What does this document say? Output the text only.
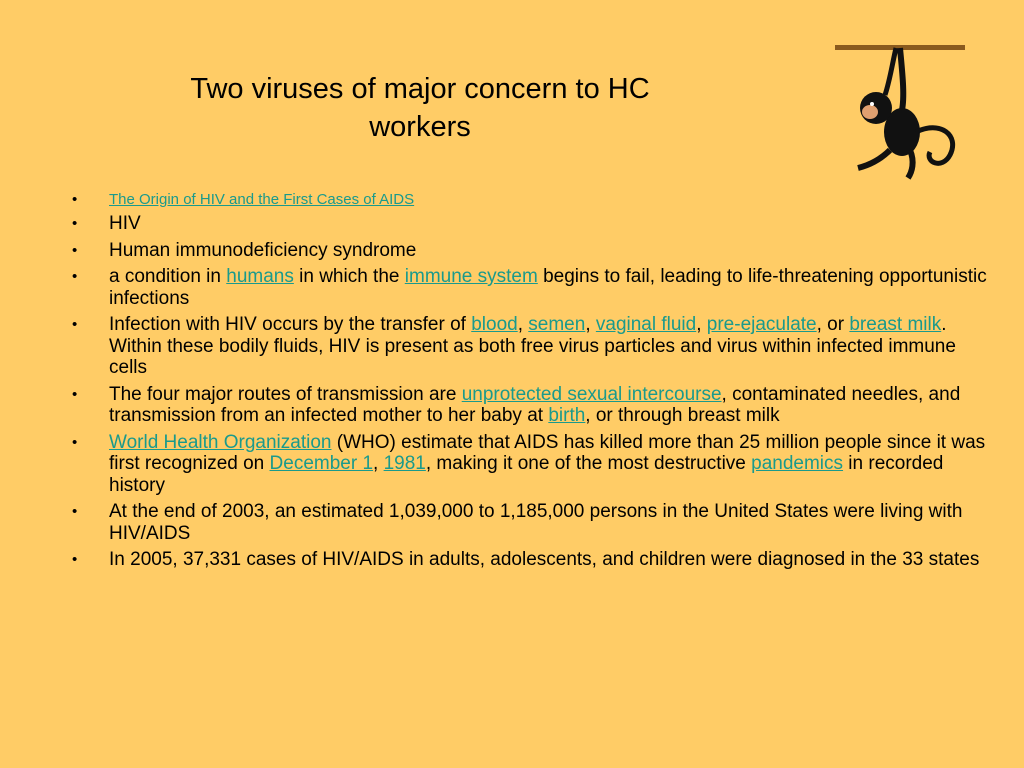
Two viruses of major concern to HC workers
• The Origin of HIV and the First Cases of AIDS
• HIV
• Human immunodeficiency syndrome
• a condition in humans in which the immune system begins to fail, leading to life-threatening opportunistic infections
• Infection with HIV occurs by the transfer of blood, semen, vaginal fluid, pre-ejaculate, or breast milk. Within these bodily fluids, HIV is present as both free virus particles and virus within infected immune cells
• The four major routes of transmission are unprotected sexual intercourse, contaminated needles, and transmission from an infected mother to her baby at birth, or through breast milk
• World Health Organization (WHO) estimate that AIDS has killed more than 25 million people since it was first recognized on December 1, 1981, making it one of the most destructive pandemics in recorded history
• At the end of 2003, an estimated 1,039,000 to 1,185,000 persons in the United States were living with HIV/AIDS
• In 2005, 37,331 cases of HIV/AIDS in adults, adolescents, and children were diagnosed in the 33 states
